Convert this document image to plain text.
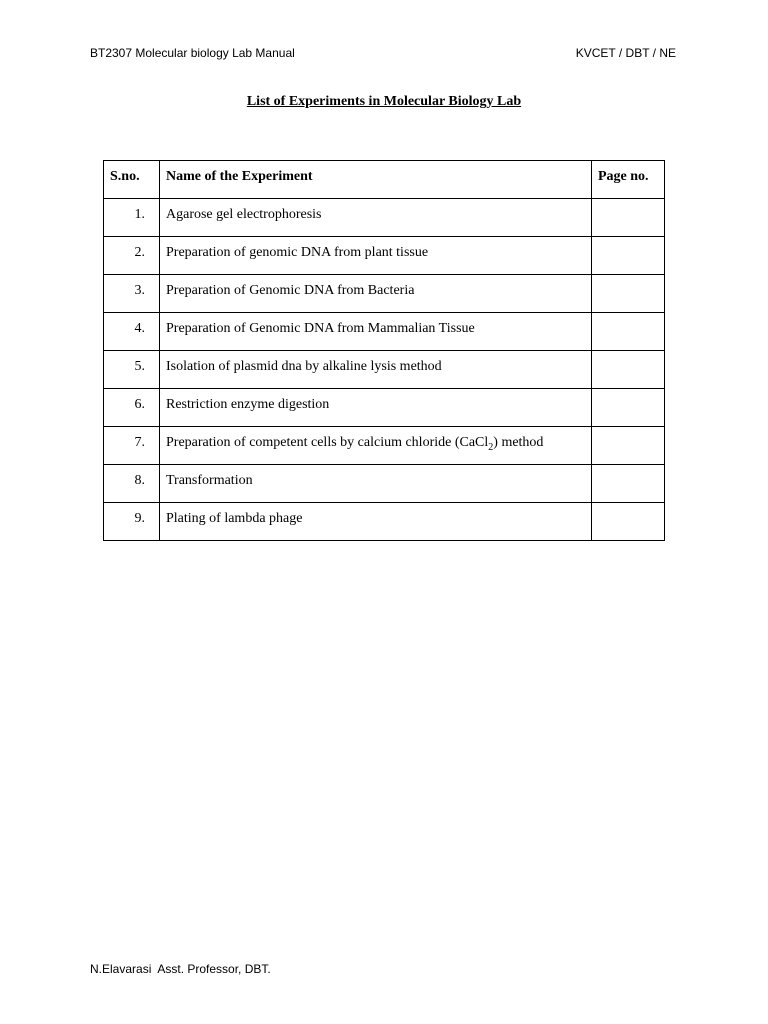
BT2307 Molecular biology Lab Manual	KVCET / DBT / NE
List of Experiments in Molecular Biology Lab
S.no.	Name of the Experiment	Page no.
1.	Agarose gel electrophoresis	
2.	Preparation of genomic DNA from plant tissue	
3.	Preparation of Genomic DNA from Bacteria	
4.	Preparation of Genomic DNA from Mammalian Tissue	
5.	Isolation of plasmid dna by alkaline lysis method	
6.	Restriction enzyme digestion	
7.	Preparation of competent cells by calcium chloride (CaCl$_2$) method	
8.	Transformation	
9.	Plating of lambda phage	
N.Elavarasi  Asst. Professor, DBT.
